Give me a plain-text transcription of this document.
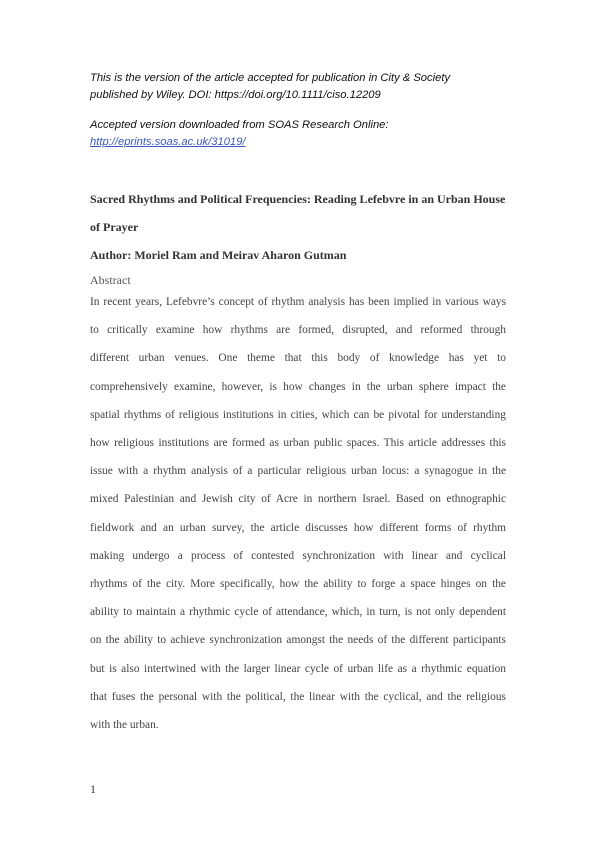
This is the version of the article accepted for publication in City & Society
published by Wiley. DOI: https://doi.org/10.1111/ciso.12209
Accepted version downloaded from SOAS Research Online:
http://eprints.soas.ac.uk/31019/
Sacred Rhythms and Political Frequencies: Reading Lefebvre in an Urban House
of Prayer
Author: Moriel Ram and Meirav Aharon Gutman
Abstract
In recent years, Lefebvre’s concept of rhythm analysis has been implied in various ways
to critically examine how rhythms are formed, disrupted, and reformed through
different urban venues. One theme that this body of knowledge has yet to
comprehensively examine, however, is how changes in the urban sphere impact the
spatial rhythms of religious institutions in cities, which can be pivotal for understanding
how religious institutions are formed as urban public spaces. This article addresses this
issue with a rhythm analysis of a particular religious urban locus: a synagogue in the
mixed Palestinian and Jewish city of Acre in northern Israel. Based on ethnographic
fieldwork and an urban survey, the article discusses how different forms of rhythm
making undergo a process of contested synchronization with linear and cyclical
rhythms of the city. More specifically, how the ability to forge a space hinges on the
ability to maintain a rhythmic cycle of attendance, which, in turn, is not only dependent
on the ability to achieve synchronization amongst the needs of the different participants
but is also intertwined with the larger linear cycle of urban life as a rhythmic equation
that fuses the personal with the political, the linear with the cyclical, and the religious
with the urban.
1
